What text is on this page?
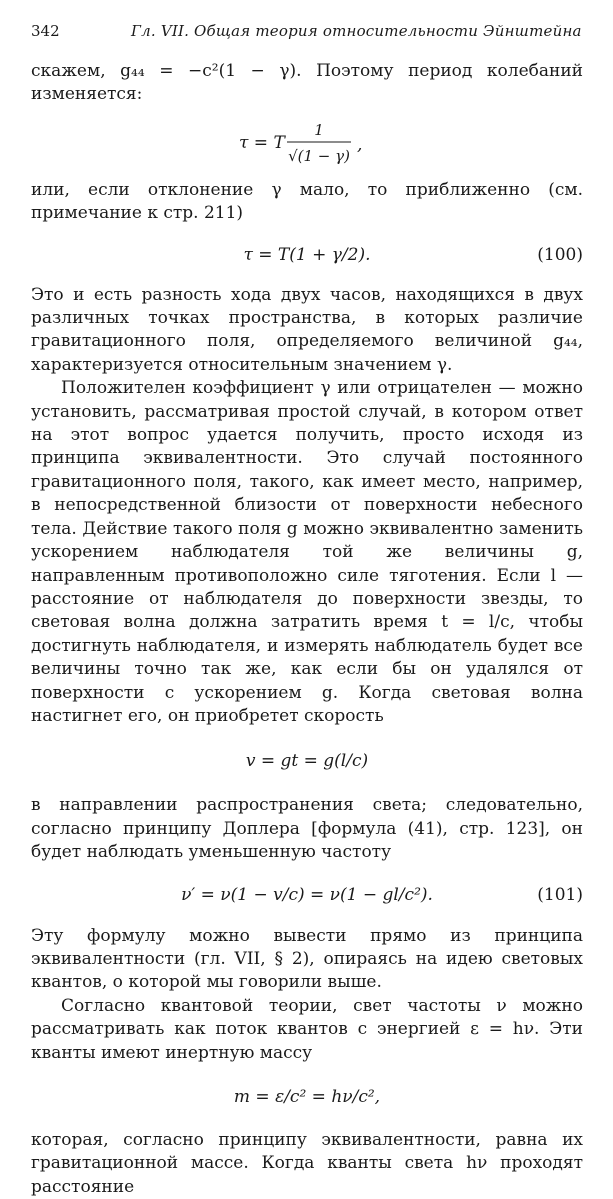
342	Гл. VII. Общая теория относительности Эйнштейна

скажем, g₄₄ = −c²(1 − γ). Поэтому период колебаний изменяется:

τ = T
1
√(1 − γ)
,

или, если отклонение γ мало, то приближенно (см. примечание к стр. 211)

τ = T(1 + γ/2).	(100)

Это и есть разность хода двух часов, находящихся в двух различных точках пространства, в которых различие гравитационного поля, определяемого величиной g₄₄, характеризуется относительным значением γ.

Положителен коэффициент γ или отрицателен — можно установить, рассматривая простой случай, в котором ответ на этот вопрос удается получить, просто исходя из принципа эквивалентности. Это случай постоянного гравитационного поля, такого, как имеет место, например, в непосредственной близости от поверхности небесного тела. Действие такого поля g можно эквивалентно заменить ускорением наблюдателя той же величины g, направленным противоположно силе тяготения. Если l — расстояние от наблюдателя до поверхности звезды, то световая волна должна затратить время t = l/c, чтобы достигнуть наблюдателя, и измерять наблюдатель будет все величины точно так же, как если бы он удалялся от поверхности с ускорением g. Когда световая волна настигнет его, он приобретет скорость

v = gt = g(l/c)

в направлении распространения света; следовательно, согласно принципу Доплера [формула (41), стр. 123], он будет наблюдать уменьшенную частоту

ν′ = ν(1 − v/c) = ν(1 − gl/c²).	(101)

Эту формулу можно вывести прямо из принципа эквивалентности (гл. VII, § 2), опираясь на идею световых квантов, о которой мы говорили выше.

Согласно квантовой теории, свет частоты ν можно рассматривать как поток квантов с энергией ε = hν. Эти кванты имеют инертную массу

m = ε/c² = hν/c²,

которая, согласно принципу эквивалентности, равна их гравитационной массе. Когда кванты света hν проходят расстояние
